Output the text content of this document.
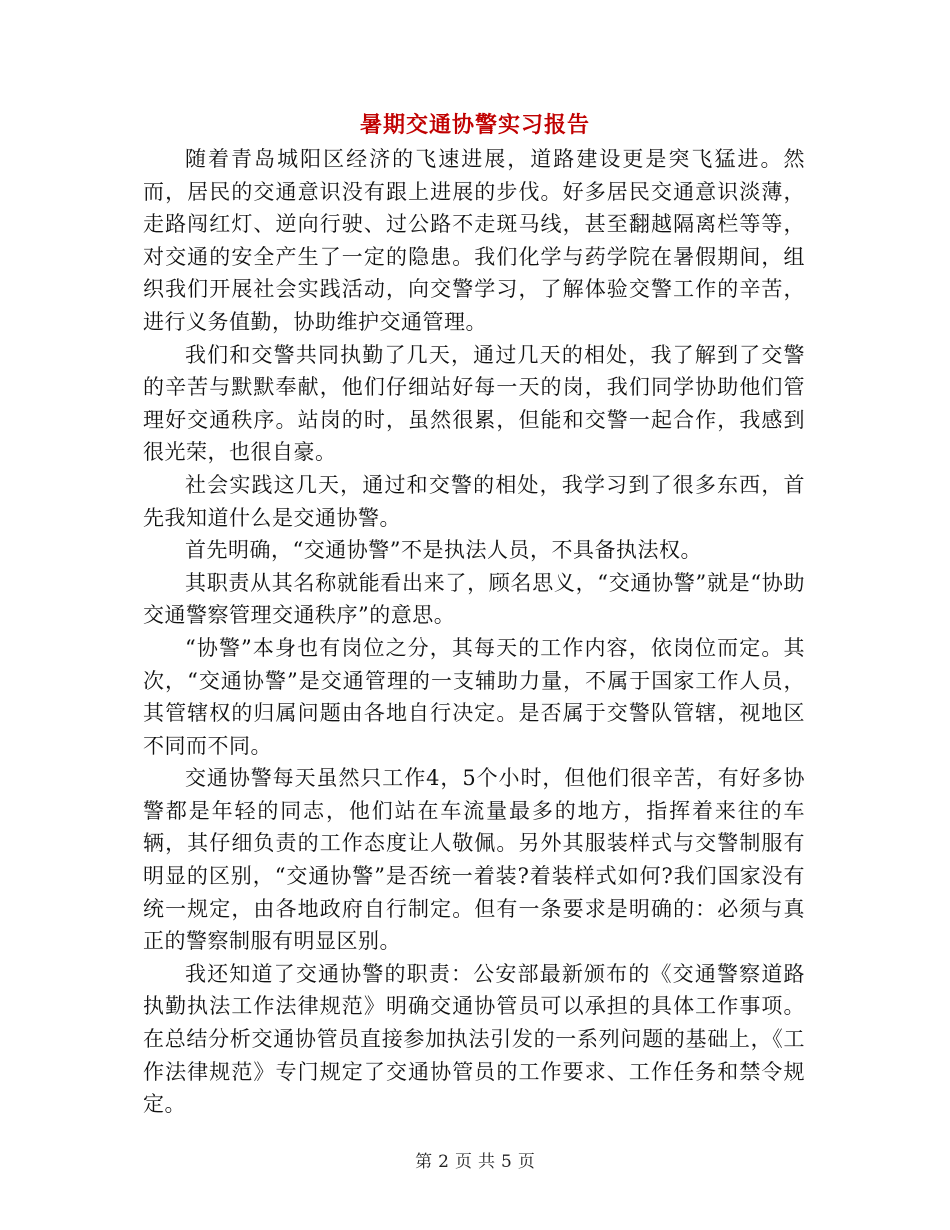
暑期交通协警实习报告

随着青岛城阳区经济的飞速进展，道路建设更是突飞猛进。然而，居民的交通意识没有跟上进展的步伐。好多居民交通意识淡薄，走路闯红灯、逆向行驶、过公路不走斑马线，甚至翻越隔离栏等等，对交通的安全产生了一定的隐患。我们化学与药学院在暑假期间，组织我们开展社会实践活动，向交警学习，了解体验交警工作的辛苦，进行义务值勤，协助维护交通管理。

我们和交警共同执勤了几天，通过几天的相处，我了解到了交警的辛苦与默默奉献，他们仔细站好每一天的岗，我们同学协助他们管理好交通秩序。站岗的时，虽然很累，但能和交警一起合作，我感到很光荣，也很自豪。

社会实践这几天，通过和交警的相处，我学习到了很多东西，首先我知道什么是交通协警。

首先明确，“交通协警”不是执法人员，不具备执法权。

其职责从其名称就能看出来了，顾名思义，“交通协警”就是“协助交通警察管理交通秩序”的意思。

“协警”本身也有岗位之分，其每天的工作内容，依岗位而定。其次，“交通协警”是交通管理的一支辅助力量，不属于国家工作人员，其管辖权的归属问题由各地自行决定。是否属于交警队管辖，视地区不同而不同。

交通协警每天虽然只工作4，5个小时，但他们很辛苦，有好多协警都是年轻的同志，他们站在车流量最多的地方，指挥着来往的车辆，其仔细负责的工作态度让人敬佩。另外其服装样式与交警制服有明显的区别，“交通协警”是否统一着装?着装样式如何?我们国家没有统一规定，由各地政府自行制定。但有一条要求是明确的：必须与真正的警察制服有明显区别。

我还知道了交通协警的职责：公安部最新颁布的《交通警察道路执勤执法工作法律规范》明确交通协管员可以承担的具体工作事项。在总结分析交通协管员直接参加执法引发的一系列问题的基础上，《工作法律规范》专门规定了交通协管员的工作要求、工作任务和禁令规定。

第 2 页 共 5 页
